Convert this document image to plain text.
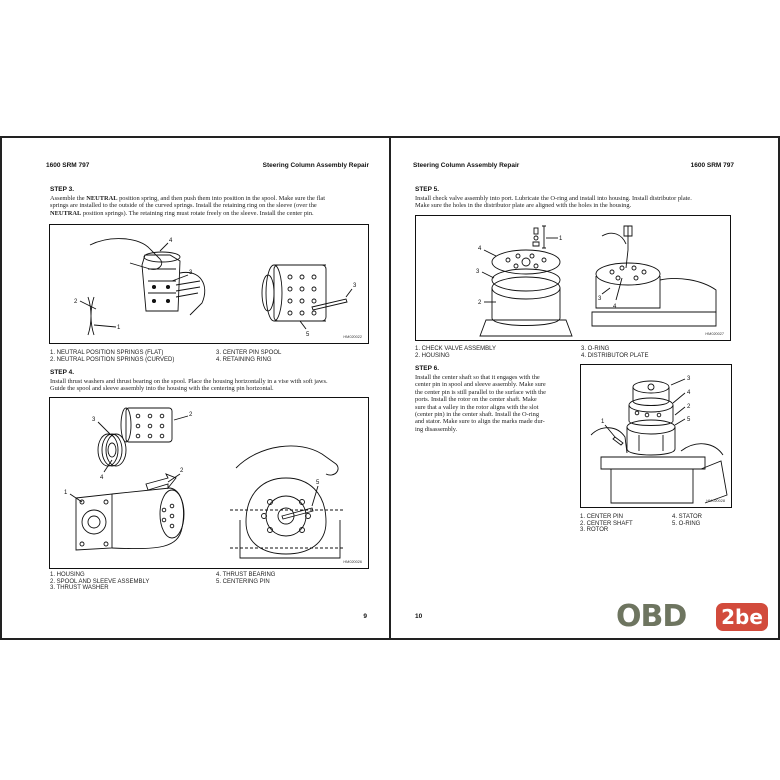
1600 SRM 797	Steering Column Assembly Repair
STEP 3.
Assemble the NEUTRAL position spring, and then push them into position in the spool. Make sure the flat
springs are installed to the outside of the curved springs. Install the retaining ring on the sleeve (over the
NEUTRAL position springs). The retaining ring must rotate freely on the sleeve. Install the center pin.
4
3
2
1
3
5	HM020022
1. NEUTRAL POSITION SPRINGS (FLAT)
2. NEUTRAL POSITION SPRINGS (CURVED)
3. CENTER PIN SPOOL
4. RETAINING RING
STEP 4.
Install thrust washers and thrust bearing on the spool. Place the housing horizontally in a vise with soft jaws.
Guide the spool and sleeve assembly into the housing with the centering pin horizontal.
2
3
4
2
1
5
HM020026
1. HOUSING
2. SPOOL AND SLEEVE ASSEMBLY
3. THRUST WASHER
4. THRUST BEARING
5. CENTERING PIN
9
Steering Column Assembly Repair	1600 SRM 797
STEP 5.
Install check valve assembly into port. Lubricate the O-ring and install into housing. Install distributor plate.
Make sure the holes in the distributor plate are aligned with the holes in the housing.
1
4
3
2
3
4
HM020027
1. CHECK VALVE ASSEMBLY
2. HOUSING
3. O-RING
4. DISTRIBUTOR PLATE
STEP 6.
Install the center shaft so that it engages with the
center pin in spool and sleeve assembly. Make sure
the center pin is still parallel to the surface with the
ports. Install the rotor on the center shaft. Make
sure that a valley in the rotor aligns with the slot
(center pin) in the center shaft. Install the O-ring
and stator. Make sure to align the marks made dur-
ing disassembly.
3
4
2
5
1
HM020028
1. CENTER PIN
2. CENTER SHAFT
3. ROTOR
4. STATOR
5. O-RING
10	OBD 2be
